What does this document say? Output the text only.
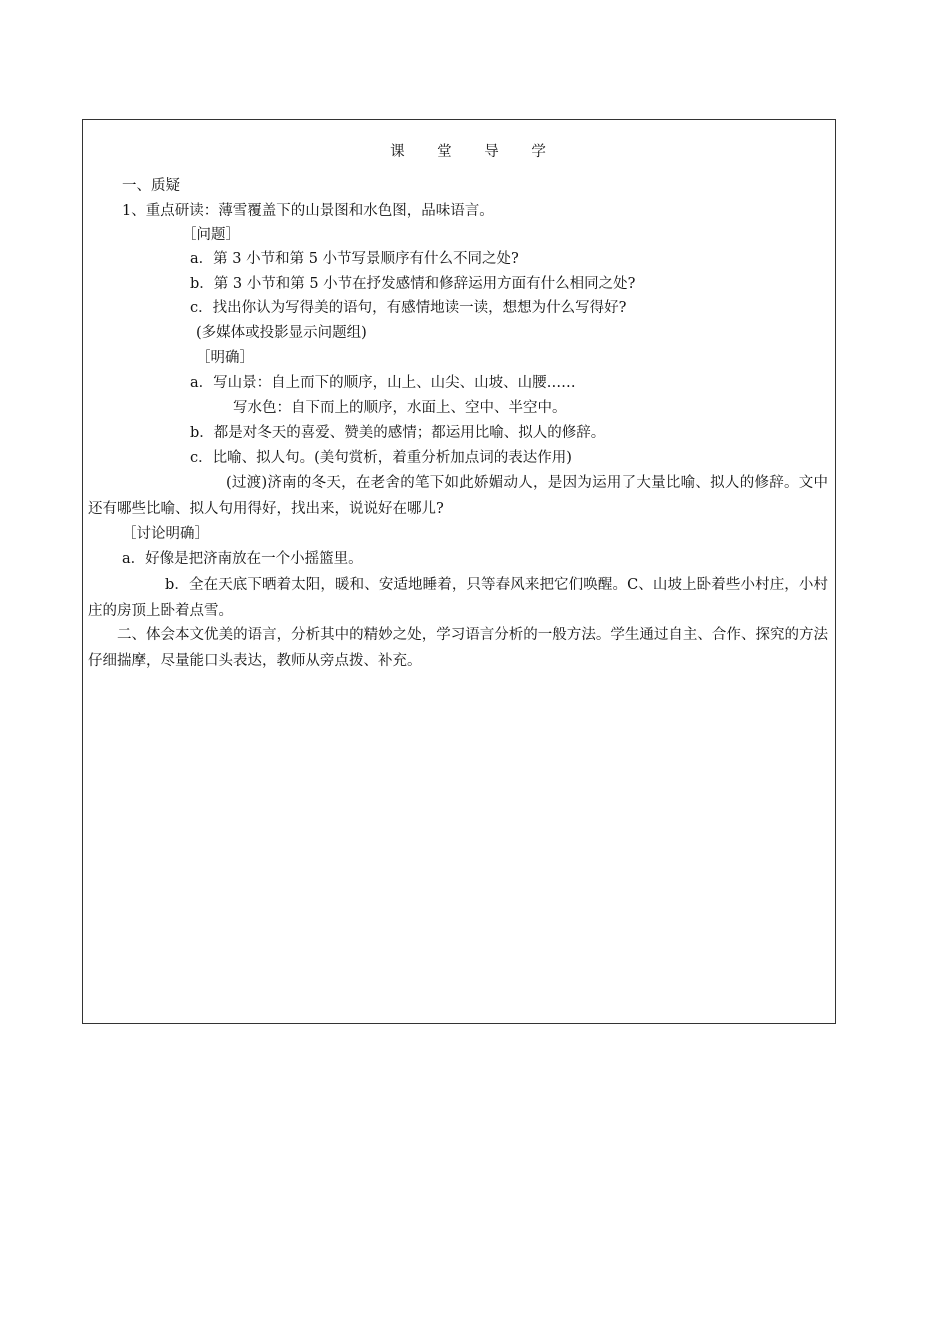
课 堂 导 学
一、质疑
1、重点研读：薄雪覆盖下的山景图和水色图，品味语言。
［问题］
a．第 3 小节和第 5 小节写景顺序有什么不同之处?
b．第 3 小节和第 5 小节在抒发感情和修辞运用方面有什么相同之处?
c．找出你认为写得美的语句，有感情地读一读，想想为什么写得好?
(多媒体或投影显示问题组)
［明确］
a．写山景：自上而下的顺序，山上、山尖、山坡、山腰……
写水色：自下而上的顺序，水面上、空中、半空中。
b．都是对冬天的喜爱、赞美的感情；都运用比喻、拟人的修辞。
c．比喻、拟人句。(美句赏析，着重分析加点词的表达作用)
(过渡)济南的冬天，在老舍的笔下如此娇媚动人，是因为运用了大量比喻、拟人的修辞。文中还有哪些比喻、拟人句用得好，找出来，说说好在哪儿?
［讨论明确］
a．好像是把济南放在一个小摇篮里。
b．全在天底下晒着太阳，暖和、安适地睡着，只等春风来把它们唤醒。C、山坡上卧着些小村庄，小村庄的房顶上卧着点雪。
二、体会本文优美的语言，分析其中的精妙之处，学习语言分析的一般方法。学生通过自主、合作、探究的方法仔细揣摩，尽量能口头表达，教师从旁点拨、补充。
